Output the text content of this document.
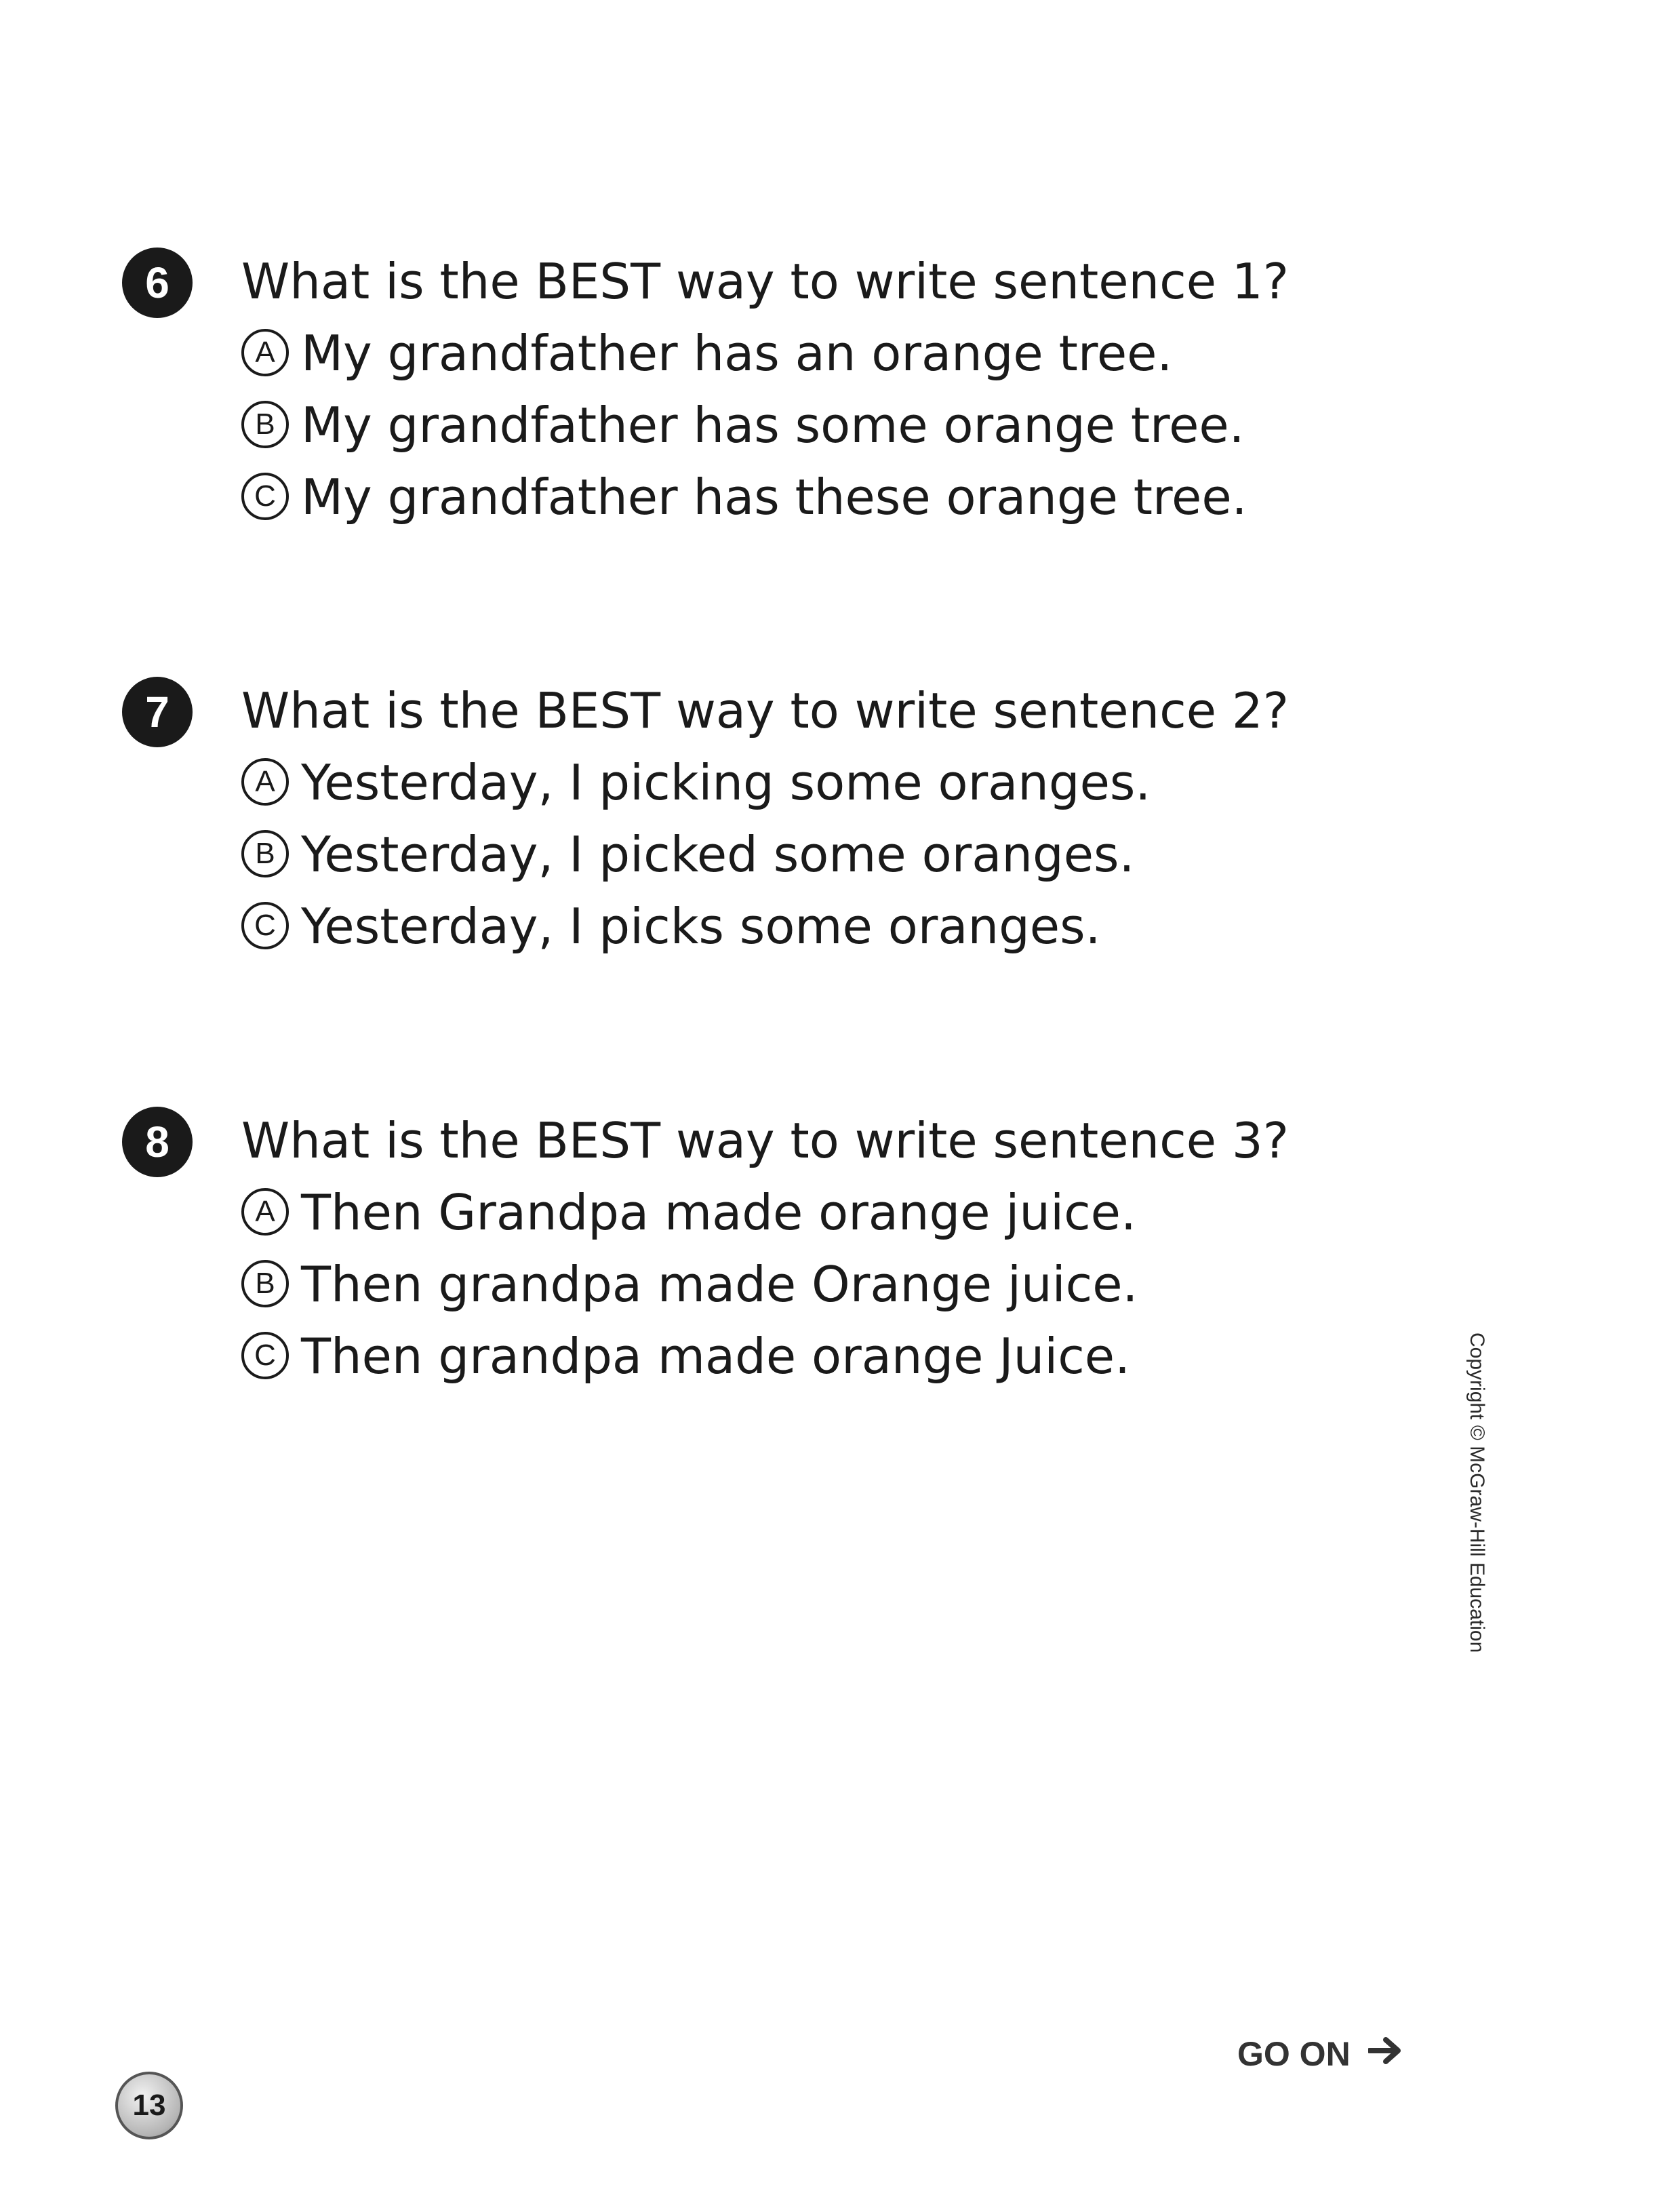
6	What is the BEST way to write sentence 1?
A My grandfather has an orange tree.
B My grandfather has some orange tree.
C My grandfather has these orange tree.
7	What is the BEST way to write sentence 2?
A Yesterday, I picking some oranges.
B Yesterday, I picked some oranges.
C Yesterday, I picks some oranges.
8	What is the BEST way to write sentence 3?
A Then Grandpa made orange juice.
B Then grandpa made Orange juice.
C Then grandpa made orange Juice.	Copyright © McGraw-Hill Education
GO ON
13
